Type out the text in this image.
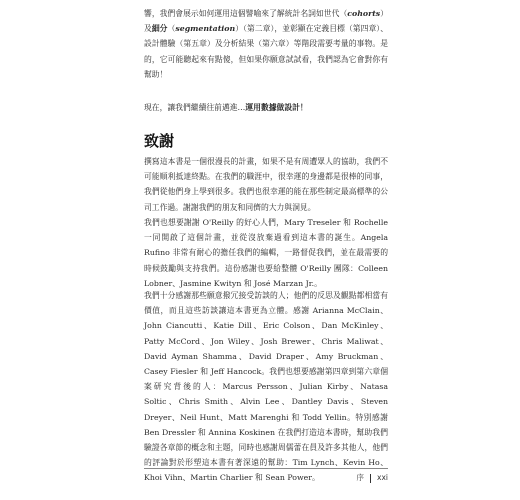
響，我們會展示如何運用這個譬喻來了解統計名詞如世代（cohorts）及細分（segmentation）（第二章），並彰顯在定義目標（第四章）、設計體驗（第五章）及分析結果（第六章）等階段需要考量的事物。是的，它可能聽起來有點傻，但如果你願意試試看，我們認為它會對你有幫助！

現在，讓我們繼續往前邁進…運用數據做設計！

致謝

撰寫這本書是一個很漫長的計畫，如果不是有周遭眾人的協助，我們不可能順利抵達終點。在我們的職涯中，很幸運的身邊都是很棒的同事，我們從他們身上學到很多。我們也很幸運的能在那些制定最高標準的公司工作過。謝謝我們的朋友和同儕的大力與洞見。

我們也想要謝謝 O'Reilly 的好心人們，Mary Treseler 和 Rochelle 一同開啟了這個計畫，並從沒放棄過看到這本書的誕生。Angela Rufino 非常有耐心的擔任我們的編輯，一路督促我們，並在最需要的時候鼓勵與支持我們。這份感謝也要給整體 O'Reilly 團隊：Colleen Lobner、Jasmine Kwityn 和 José Marzan Jr.。

我們十分感謝那些願意撥冗接受訪談的人；他們的反思及觀點都相當有價值，而且這些訪談讓這本書更為立體。感謝 Arianna McClain、John Ciancutti、Katie Dill、Eric Colson、Dan McKinley、Patty McCord、Jon Wiley、Josh Brewer、Chris Maliwat、David Ayman Shamma、David Draper、Amy Bruckman、Casey Fiesler 和 Jeff Hancock。我們也想要感謝第四章到第六章個案研究背後的人：Marcus Persson、Julian Kirby、Natasa Soltic、Chris Smith、Alvin Lee、Dantley Davis、Steven Dreyer、Neil Hunt、Matt Marenghi 和 Todd Yellin。特別感謝 Ben Dressler 和 Annina Koskinen 在我們打造這本書時，幫助我們驗證各章節的概念和主題，同時也感謝周儒蕾在員及許多其他人，他們的評論對於形塑這本書有著深遠的幫助：Tim Lynch、Kevin Ho、Khoi Vihn、Martin Charlier 和 Sean Power。	序 xxi
